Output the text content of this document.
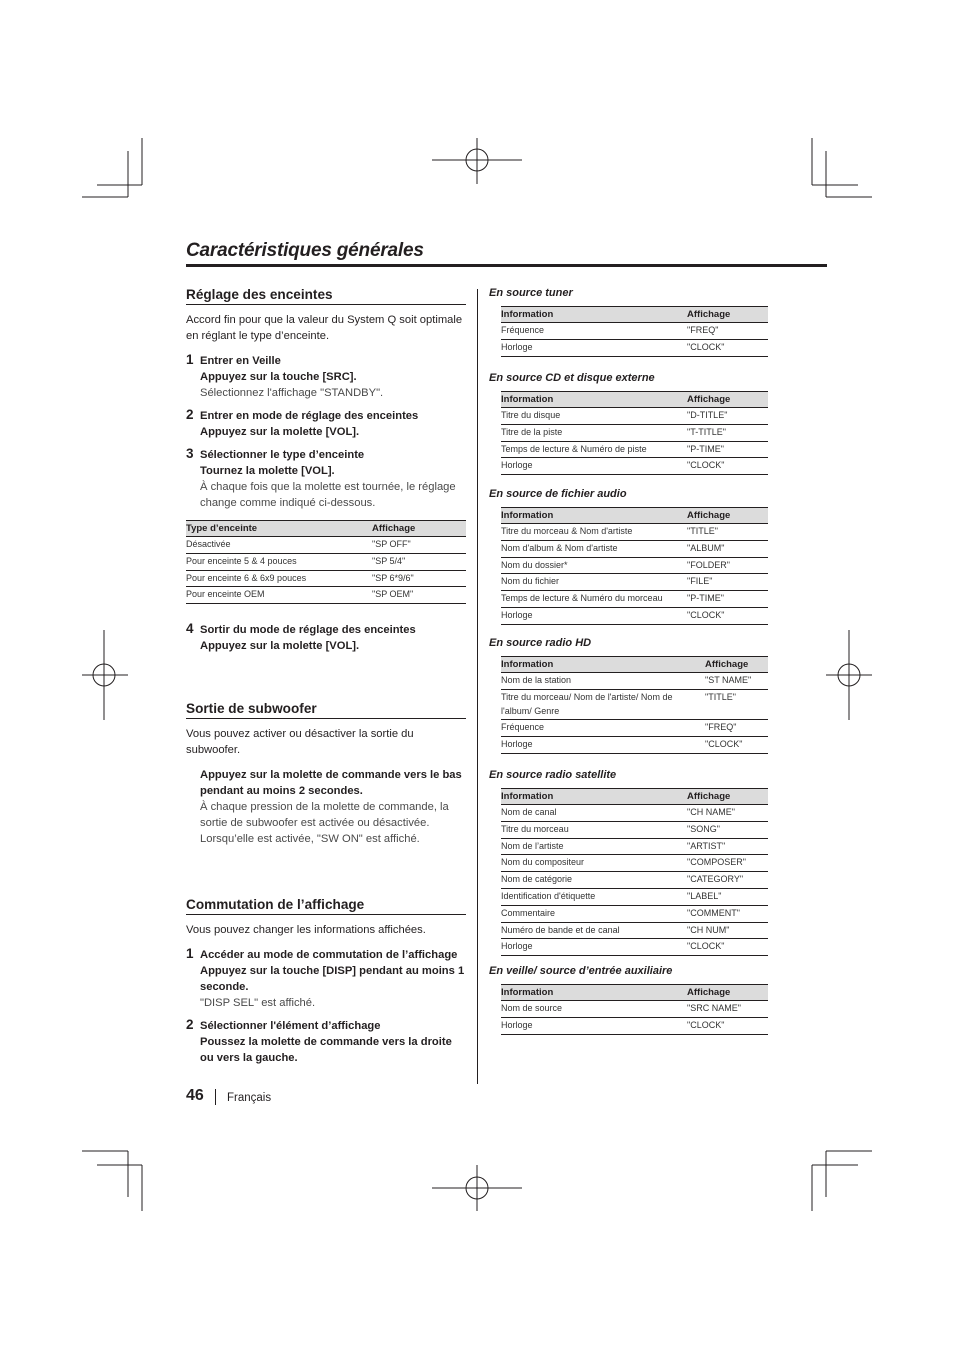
Caractéristiques générales
Réglage des enceintes

Accord fin pour que la valeur du System Q soit optimale en réglant le type d’enceinte.

1 Entrer en Veille
Appuyez sur la touche [SRC].
Sélectionnez l'affichage "STANDBY".
2 Entrer en mode de réglage des enceintes
Appuyez sur la molette [VOL].
3 Sélectionner le type d’enceinte
Tournez la molette [VOL].
À chaque fois que la molette est tournée, le réglage change comme indiqué ci-dessous.
Type d’enceinte	Affichage
Désactivée	"SP OFF"
Pour enceinte 5 & 4 pouces	"SP 5/4"
Pour enceinte 6 & 6x9 pouces	"SP 6*9/6"
Pour enceinte OEM	"SP OEM"
4 Sortir du mode de réglage des enceintes
Appuyez sur la molette [VOL].
Sortie de subwoofer

Vous pouvez activer ou désactiver la sortie du subwoofer.

Appuyez sur la molette de commande vers le bas pendant au moins 2 secondes.
À chaque pression de la molette de commande, la sortie de subwoofer est activée ou désactivée. Lorsqu’elle est activée, "SW ON" est affiché.
Commutation de l’affichage

Vous pouvez changer les informations affichées.

1 Accéder au mode de commutation de l’affichage
Appuyez sur la touche [DISP] pendant au moins 1 seconde.
"DISP SEL" est affiché.
2 Sélectionner l'élément d’affichage
Poussez la molette de commande vers la droite ou vers la gauche.
En source tuner
Information	Affichage
Fréquence	"FREQ"
Horloge	"CLOCK"
En source CD et disque externe
Information	Affichage
Titre du disque	"D-TITLE"
Titre de la piste	"T-TITLE"
Temps de lecture & Numéro de piste	"P-TIME"
Horloge	"CLOCK"
En source de fichier audio
Information	Affichage
Titre du morceau & Nom d'artiste	"TITLE"
Nom d'album & Nom d'artiste	"ALBUM"
Nom du dossier*	"FOLDER"
Nom du fichier	"FILE"
Temps de lecture & Numéro du morceau	"P-TIME"
Horloge	"CLOCK"
En source radio HD
Information	Affichage
Nom de la station	"ST NAME"
Titre du morceau/ Nom de l'artiste/ Nom de l'album/ Genre	"TITLE"
Fréquence	"FREQ"
Horloge	"CLOCK"
En source radio satellite
Information	Affichage
Nom de canal	"CH NAME"
Titre du morceau	"SONG"
Nom de l’artiste	"ARTIST"
Nom du compositeur	"COMPOSER"
Nom de catégorie	"CATEGORY"
Identification d'étiquette	"LABEL"
Commentaire	"COMMENT"
Numéro de bande et de canal	"CH NUM"
Horloge	"CLOCK"
En veille/ source d’entrée auxiliaire
Information	Affichage
Nom de source	"SRC NAME"
Horloge	"CLOCK"
46 Français
